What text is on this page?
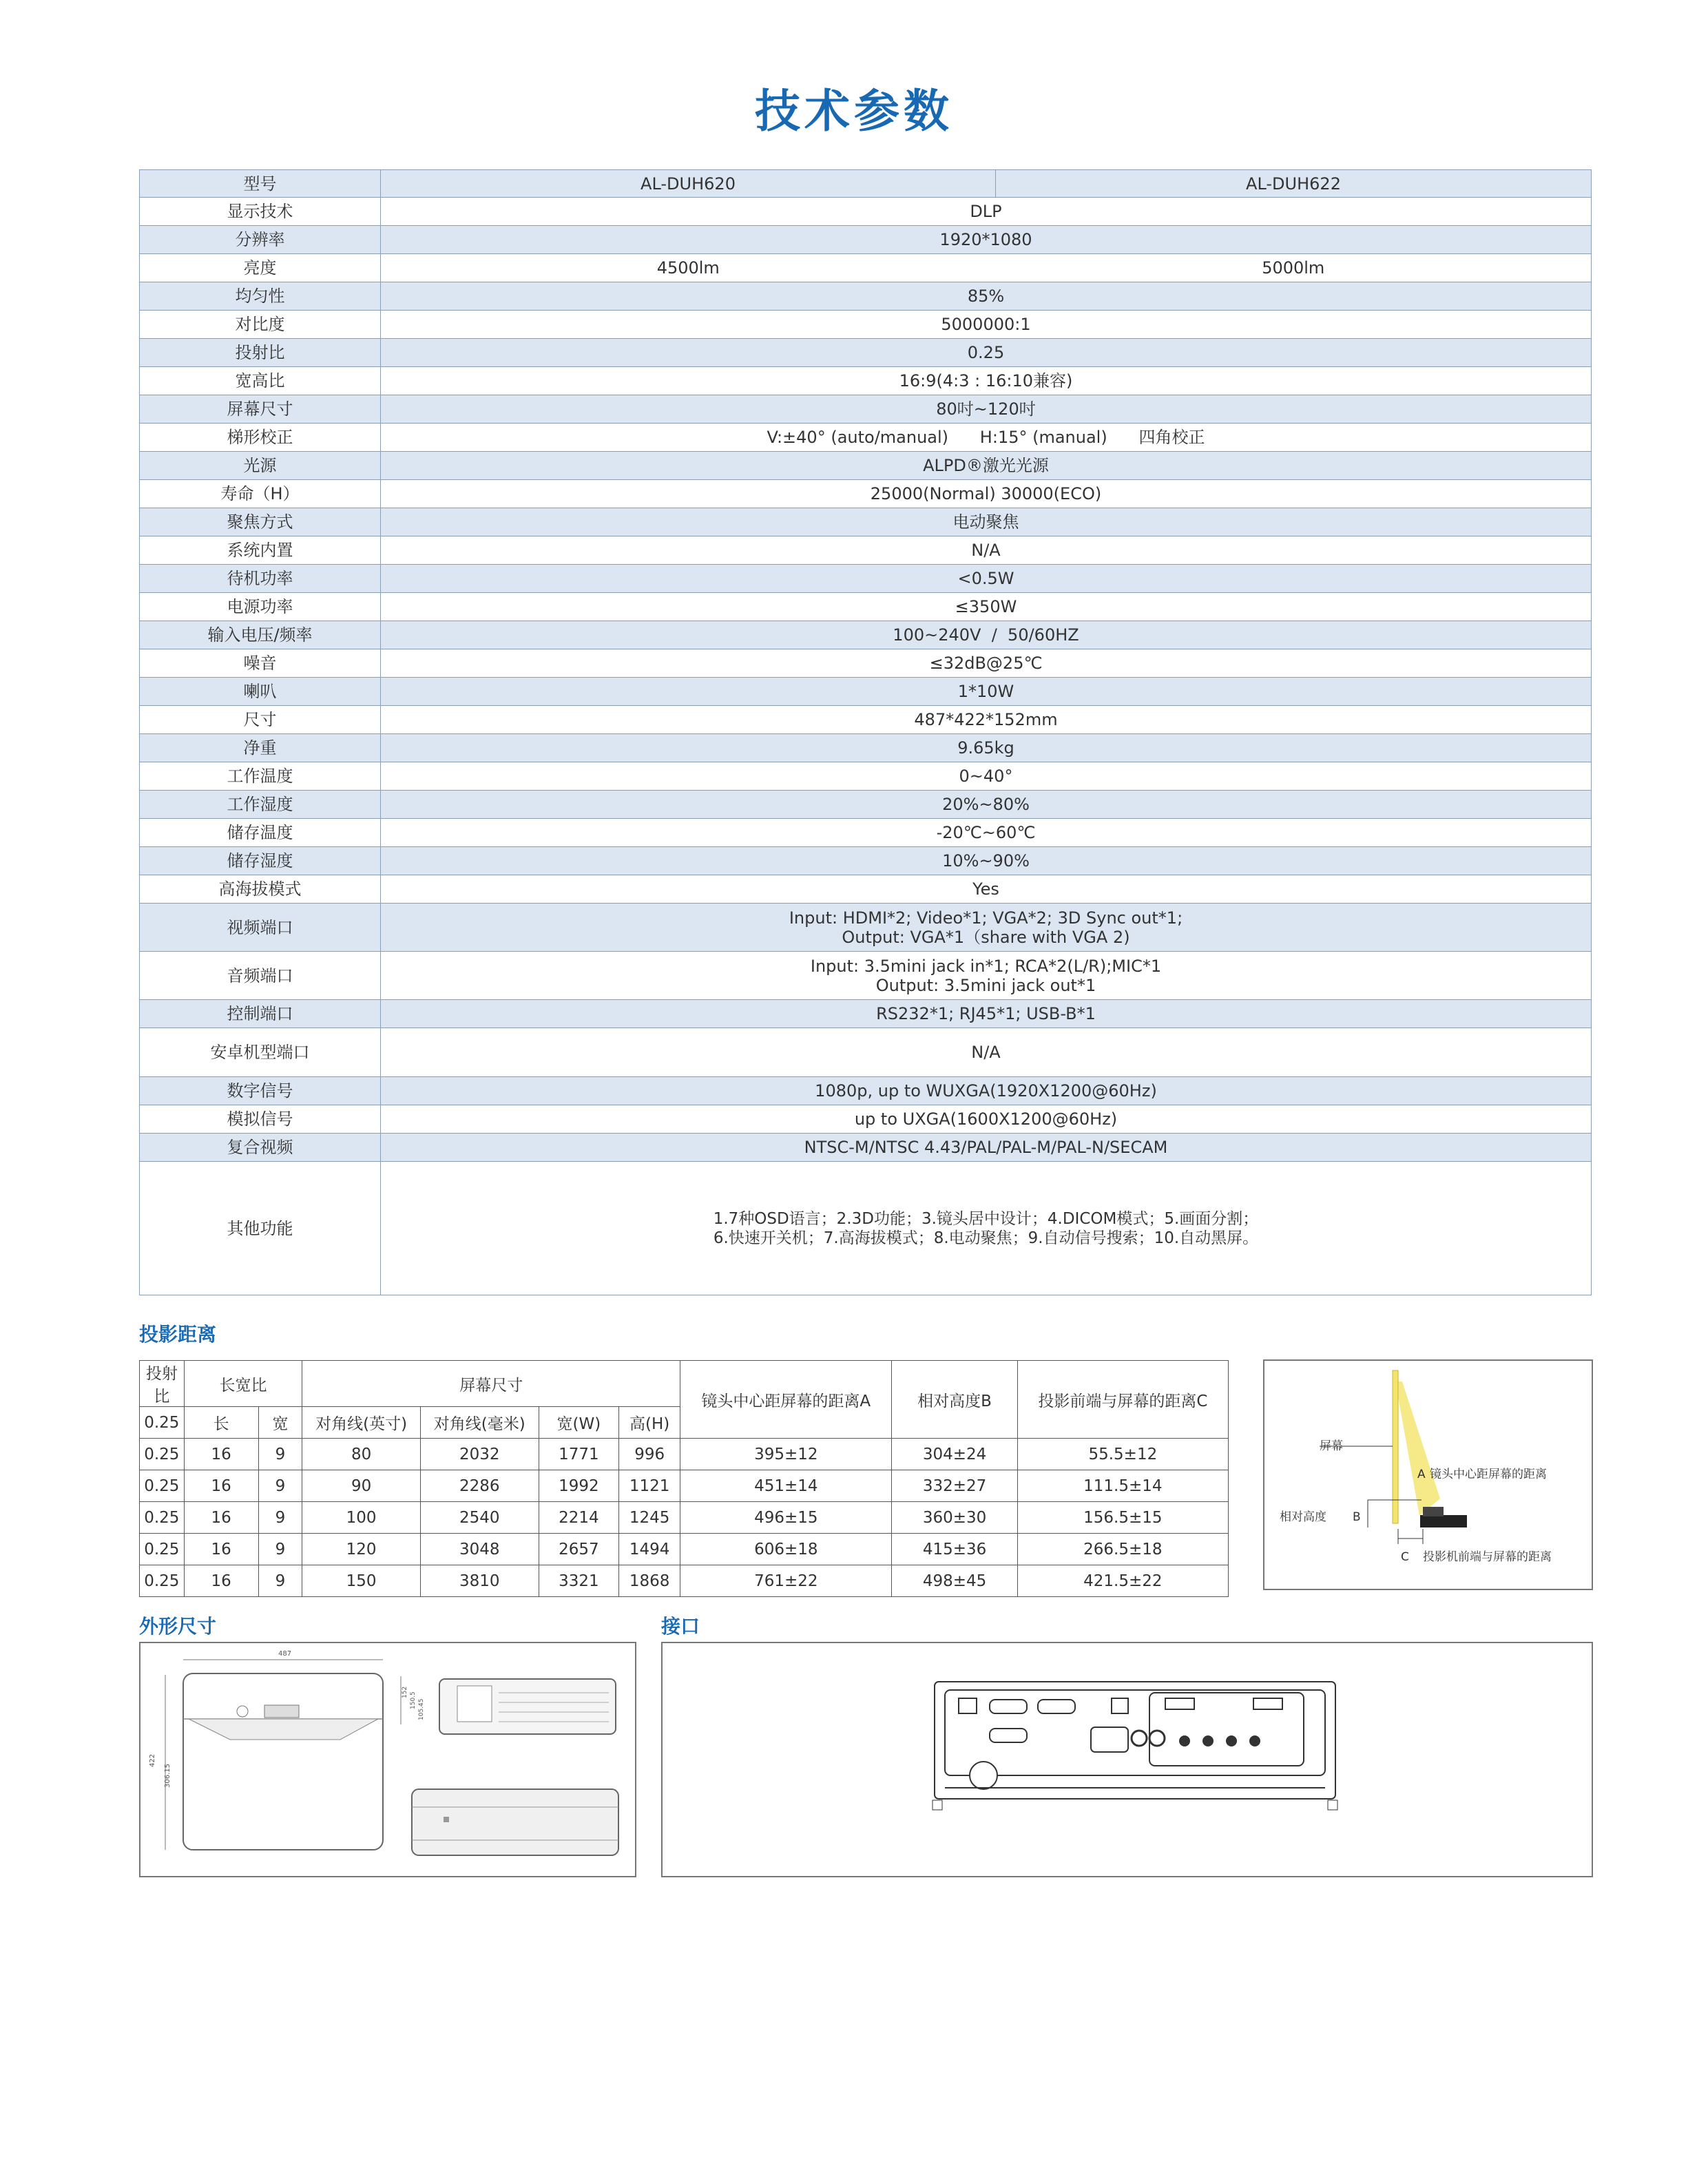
技术参数
型号	AL-DUH620	AL-DUH622
显示技术	DLP	
分辨率	1920*1080	
亮度	4500lm	5000lm
均匀性	85%	
对比度	5000000:1	
投射比	0.25	
宽高比	16:9(4:3 : 16:10兼容)	
屏幕尺寸	80吋~120吋	
梯形校正	V:±40° (auto/manual)      H:15° (manual)      四角校正	
光源	ALPD®激光光源	
寿命（H）	25000(Normal) 30000(ECO)	
聚焦方式	电动聚焦	
系统内置	N/A	
待机功率	<0.5W	
电源功率	≤350W	
输入电压/频率	100~240V  /  50/60HZ	
噪音	≤32dB@25℃	
喇叭	1*10W	
尺寸	487*422*152mm	
净重	9.65kg	
工作温度	0~40°	
工作湿度	20%~80%	
储存温度	-20℃~60℃	
储存湿度	10%~90%	
高海拔模式	Yes	
视频端口	Input: HDMI*2; Video*1; VGA*2; 3D Sync out*1;
Output: VGA*1（share with VGA 2)	

音频端口	Input: 3.5mini jack in*1; RCA*2(L/R);MIC*1
Output: 3.5mini jack out*1	

控制端口	RS232*1; RJ45*1; USB-B*1	
安卓机型端口	N/A	
数字信号	1080p, up to WUXGA(1920X1200@60Hz)	
模拟信号	up to UXGA(1600X1200@60Hz)	
复合视频	NTSC-M/NTSC 4.43/PAL/PAL-M/PAL-N/SECAM	
其他功能	1.7种OSD语言；2.3D功能；3.镜头居中设计；4.DICOM模式；5.画面分割；
6.快速开关机；7.高海拔模式；8.电动聚焦；9.自动信号搜索；10.自动黑屏。	
投影距离
投射比	长宽比		屏幕尺寸				镜头中心距屏幕的距离A	相对高度B	投影前端与屏幕的距离C
0.25	长	宽	对角线(英寸)	对角线(毫米)	宽(W)	高(H)			
0.25	16	9	80	2032	1771	996	395±12	304±24	55.5±12
0.25	16	9	90	2286	1992	1121	451±14	332±27	111.5±14
0.25	16	9	100	2540	2214	1245	496±15	360±30	156.5±15
0.25	16	9	120	3048	2657	1494	606±18	415±36	266.5±18
0.25	16	9	150	3810	3321	1868	761±22	498±45	421.5±22
屏幕
A 镜头中心距屏幕的距离
相对高度 B
C 投影机前端与屏幕的距离
外形尺寸
487
422
306.15
152 150.5 105.45
接口
